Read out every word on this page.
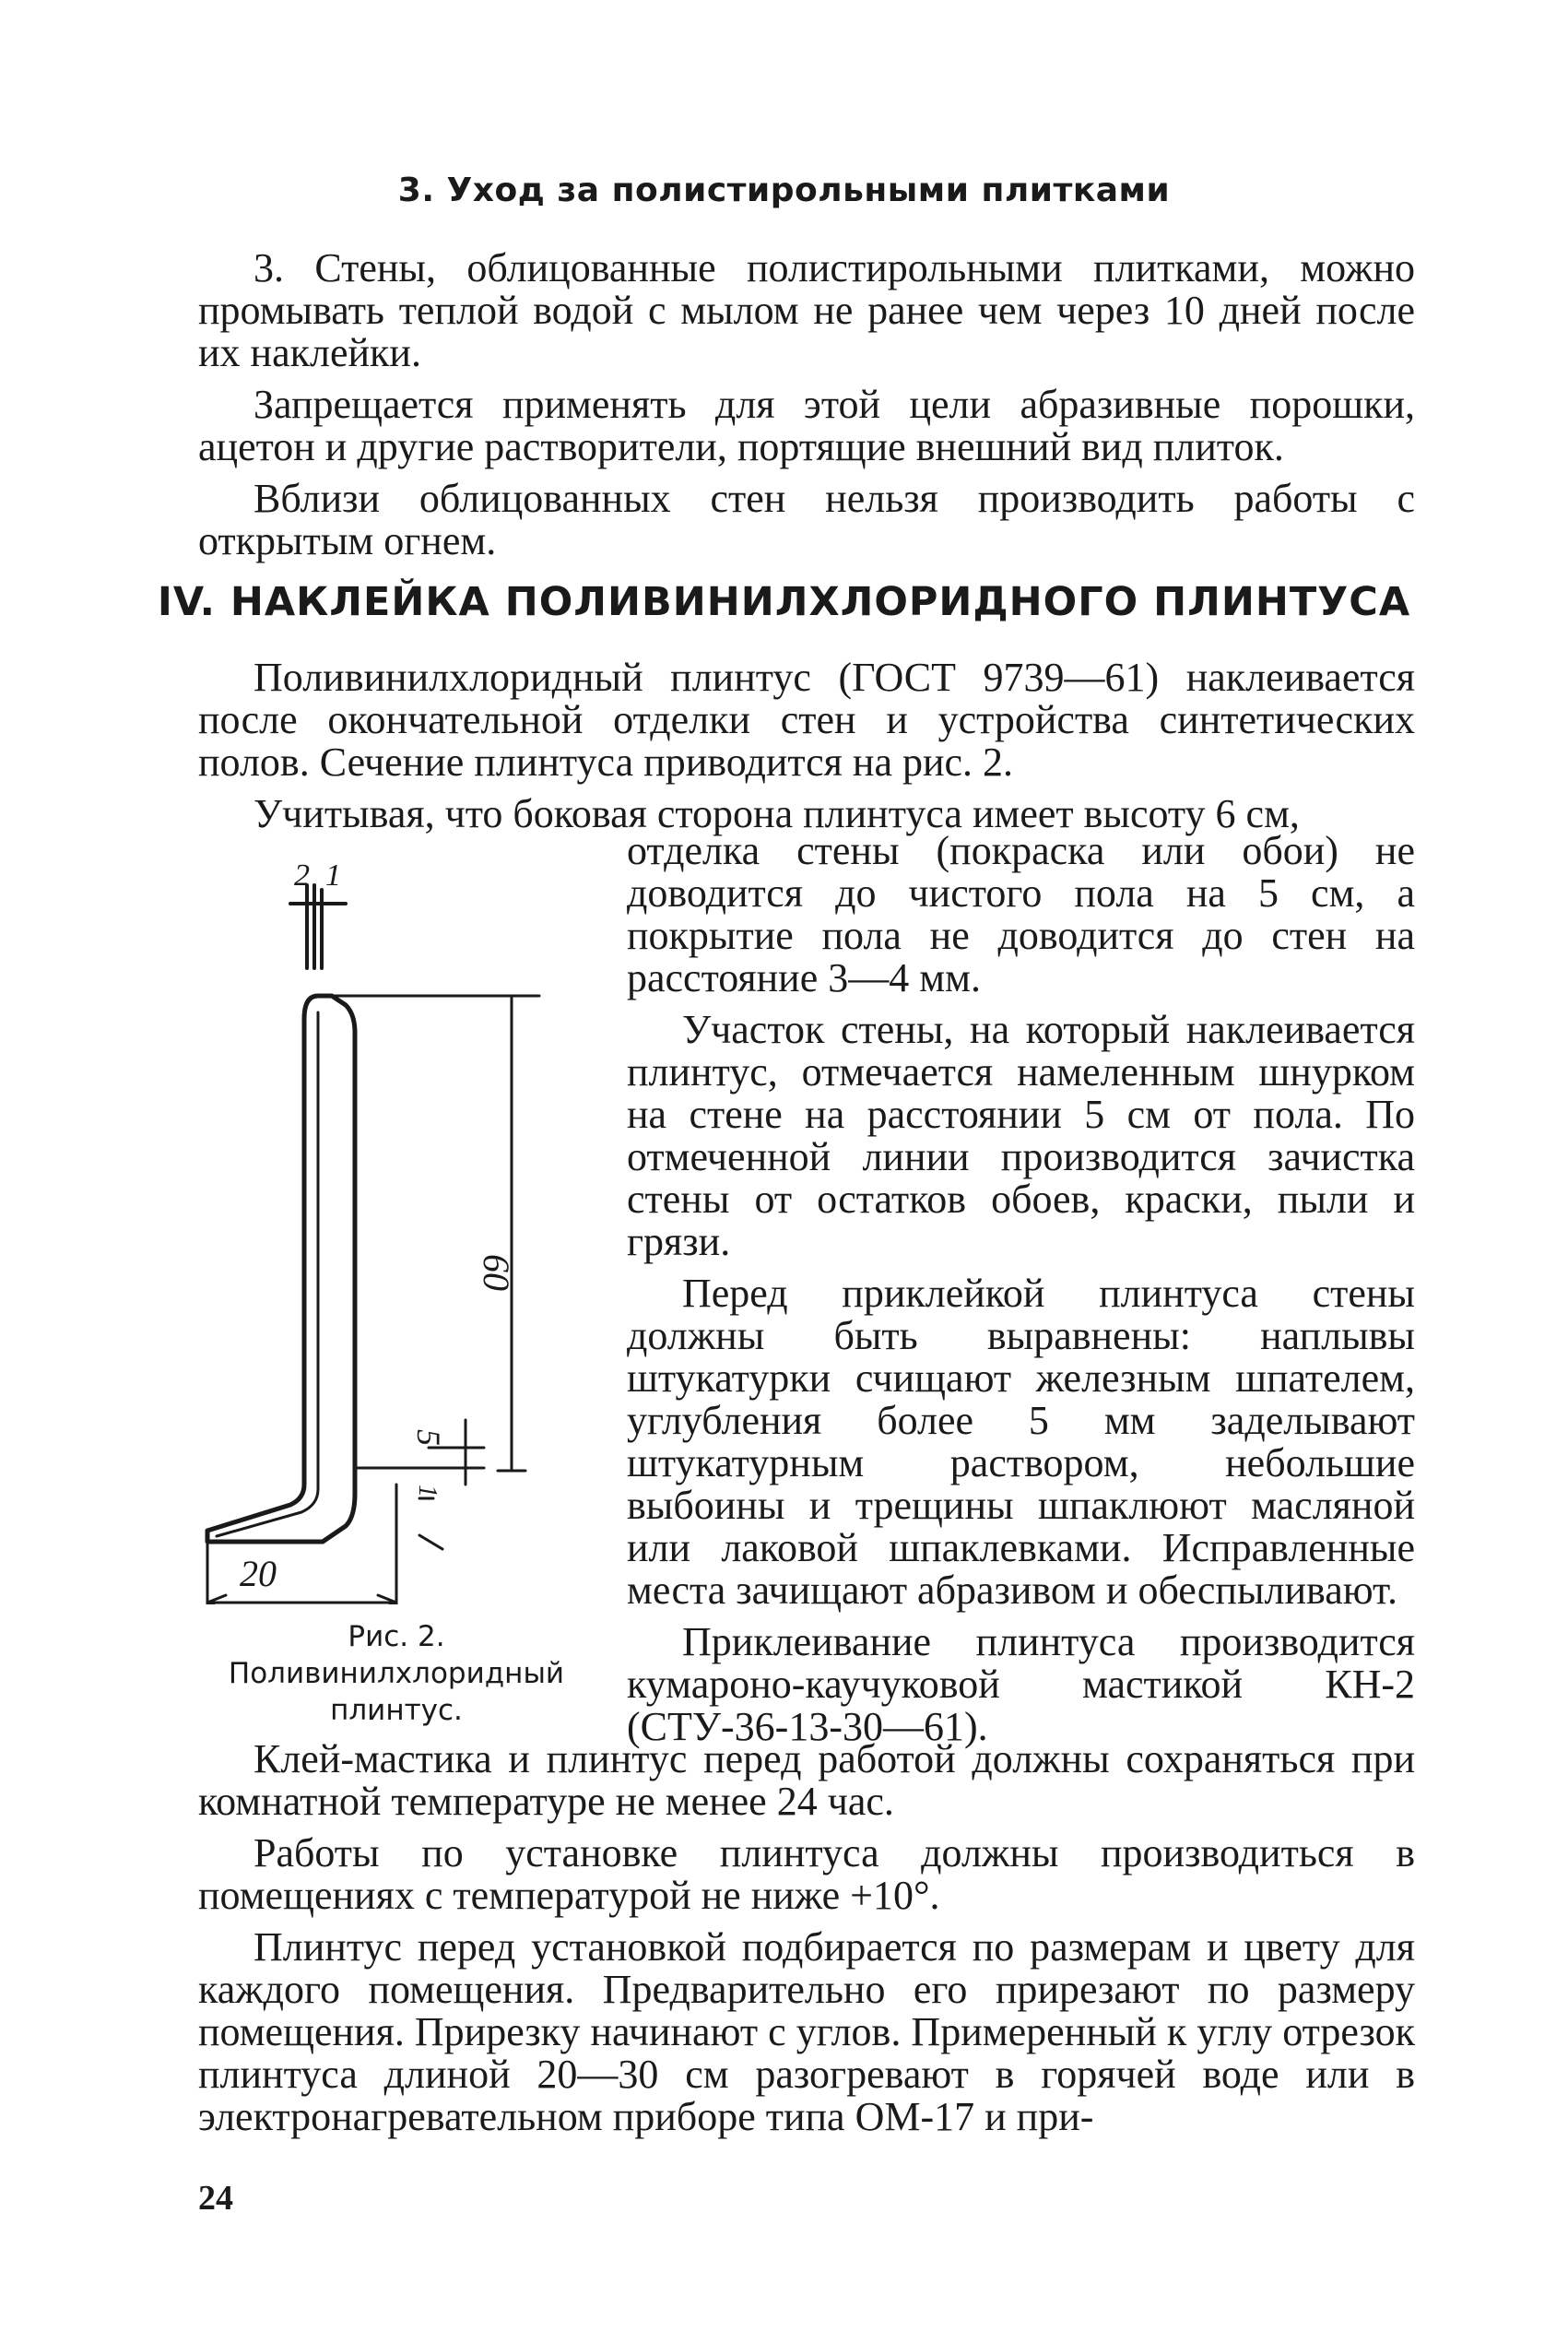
3. Уход за полистирольными плитками

3. Стены, облицованные полистирольными плитками, можно промывать теплой водой с мылом не ранее чем через 10 дней после их наклейки.

Запрещается применять для этой цели абразивные порошки, ацетон и другие растворители, портящие внешний вид плиток.

Вблизи облицованных стен нельзя производить работы с открытым огнем.

IV. НАКЛЕЙКА ПОЛИВИНИЛХЛОРИДНОГО ПЛИНТУСА

Поливинилхлоридный плинтус (ГОСТ 9739—61) наклеивается после окончательной отделки стен и устройства синтетических полов. Сечение плинтуса приводится на рис. 2.

Учитывая, что боковая сторона плинтуса имеет высоту 6 см,

отделка стены (покраска или обои) не доводится до чистого пола на 5 см, а покрытие пола не доводится до стен на расстояние 3—4 мм.

Участок стены, на который наклеивается плинтус, отмечается намеленным шнурком на стене на расстоянии 5 см от пола. По отмеченной линии производится зачистка стены от остатков обоев, краски, пыли и грязи.

Перед приклейкой плинтуса стены должны быть выравнены: наплывы штукатурки счищают железным шпателем, углубления более 5 мм заделывают штукатурным раствором, небольшие выбоины и трещины шпаклюют масляной или лаковой шпаклевками. Исправленные места зачищают абразивом и обеспыливают.

Приклеивание плинтуса производится кумароно-каучуковой мастикой КН-2 (СТУ-36-13-30—61).

2 1
60
5
1
20
Рис. 2. Поливинилхлоридный плинтус.

Клей-мастика и плинтус перед работой должны сохраняться при комнатной температуре не менее 24 час.

Работы по установке плинтуса должны производиться в помещениях с температурой не ниже +10°.

Плинтус перед установкой подбирается по размерам и цвету для каждого помещения. Предварительно его прирезают по размеру помещения. Прирезку начинают с углов. Примеренный к углу отрезок плинтуса длиной 20—30 см разогревают в горячей воде или в электронагревательном приборе типа ОМ-17 и при-

24
